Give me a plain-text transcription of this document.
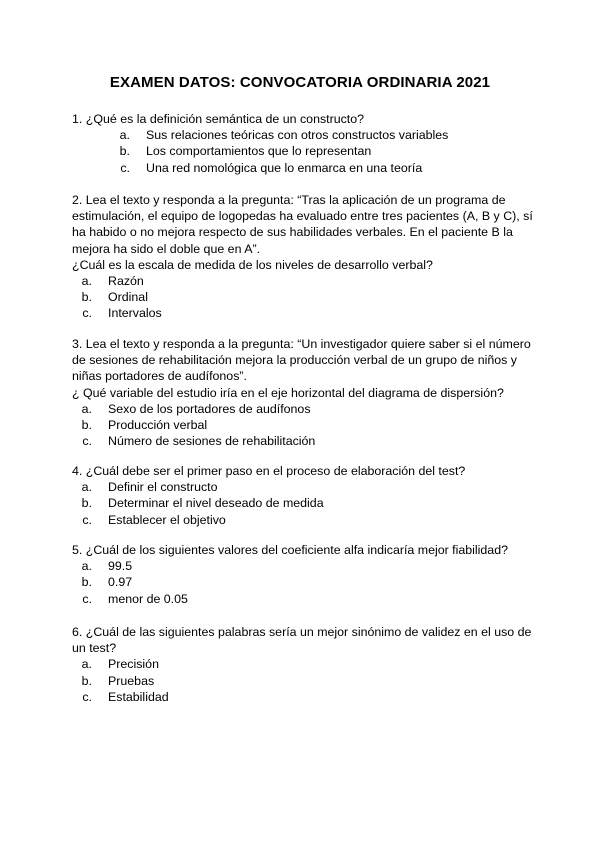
EXAMEN DATOS: CONVOCATORIA ORDINARIA 2021

1. ¿Qué es la definición semántica de un constructo?

a. Sus relaciones teóricas con otros constructos variables
b. Los comportamientos que lo representan
c. Una red nomológica que lo enmarca en una teoría

2. Lea el texto y responda a la pregunta: “Tras la aplicación de un programa de
estimulación, el equipo de logopedas ha evaluado entre tres pacientes (A, B y C), sí
ha habido o no mejora respecto de sus habilidades verbales. En el paciente B la
mejora ha sido el doble que en A”.
¿Cuál es la escala de medida de los niveles de desarrollo verbal?

a. Razón
b. Ordinal
c. Intervalos

3. Lea el texto y responda a la pregunta: “Un investigador quiere saber si el número
de sesiones de rehabilitación mejora la producción verbal de un grupo de niños y
niñas portadores de audífonos”.
¿ Qué variable del estudio iría en el eje horizontal del diagrama de dispersión?

a. Sexo de los portadores de audífonos
b. Producción verbal
c. Número de sesiones de rehabilitación

4. ¿Cuál debe ser el primer paso en el proceso de elaboración del test?

a. Definir el constructo
b. Determinar el nivel deseado de medida
c. Establecer el objetivo

5. ¿Cuál de los siguientes valores del coeficiente alfa indicaría mejor fiabilidad?

a. 99.5
b. 0.97
c. menor de 0.05

6. ¿Cuál de las siguientes palabras sería un mejor sinónimo de validez en el uso de
un test?

a. Precisión
b. Pruebas
c. Estabilidad
